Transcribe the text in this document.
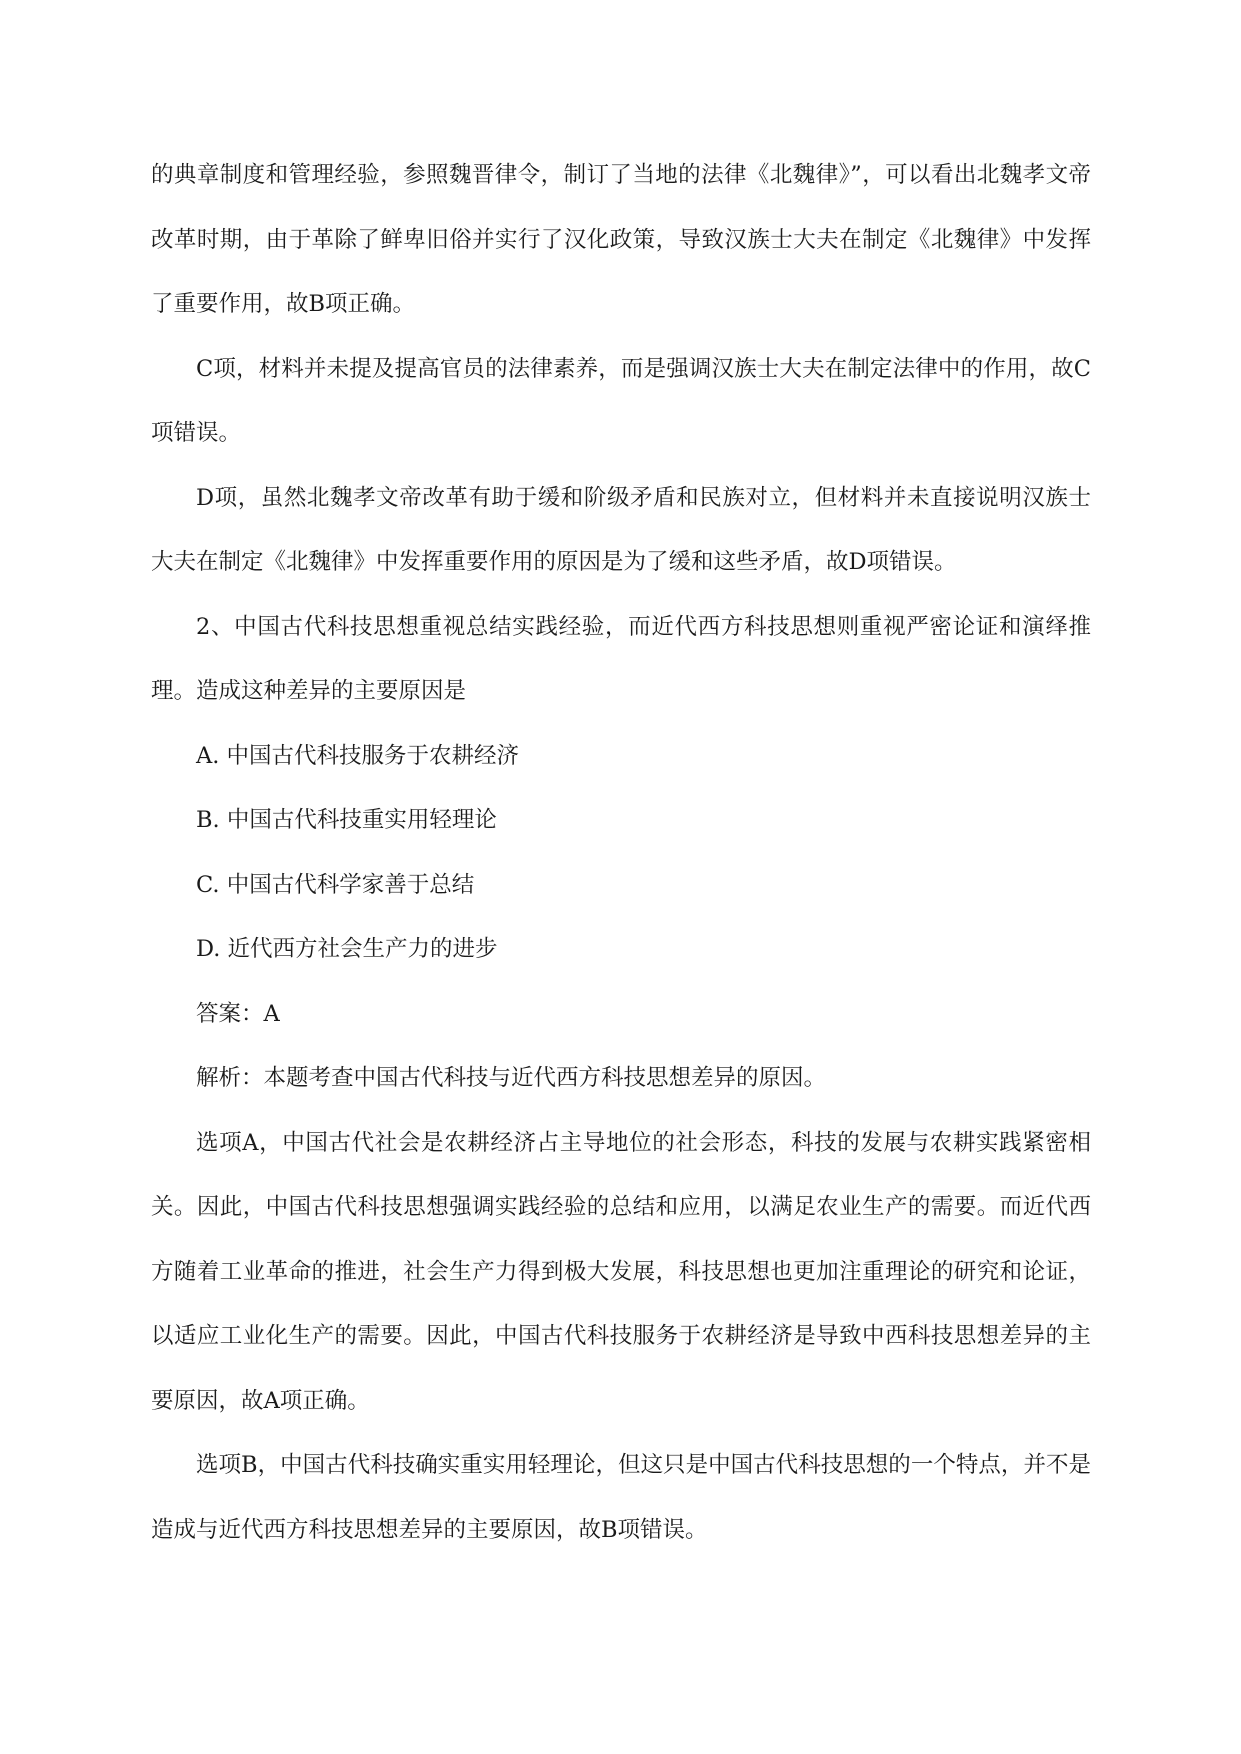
的典章制度和管理经验，参照魏晋律令，制订了当地的法律《北魏律》”，可以看出北魏孝文帝改革时期，由于革除了鲜卑旧俗并实行了汉化政策，导致汉族士大夫在制定《北魏律》中发挥了重要作用，故B项正确。

C项，材料并未提及提高官员的法律素养，而是强调汉族士大夫在制定法律中的作用，故C项错误。

D项，虽然北魏孝文帝改革有助于缓和阶级矛盾和民族对立，但材料并未直接说明汉族士大夫在制定《北魏律》中发挥重要作用的原因是为了缓和这些矛盾，故D项错误。

2、中国古代科技思想重视总结实践经验，而近代西方科技思想则重视严密论证和演绎推理。造成这种差异的主要原因是

A. 中国古代科技服务于农耕经济

B. 中国古代科技重实用轻理论

C. 中国古代科学家善于总结

D. 近代西方社会生产力的进步

答案：A

解析：本题考查中国古代科技与近代西方科技思想差异的原因。

选项A，中国古代社会是农耕经济占主导地位的社会形态，科技的发展与农耕实践紧密相关。因此，中国古代科技思想强调实践经验的总结和应用，以满足农业生产的需要。而近代西方随着工业革命的推进，社会生产力得到极大发展，科技思想也更加注重理论的研究和论证，以适应工业化生产的需要。因此，中国古代科技服务于农耕经济是导致中西科技思想差异的主要原因，故A项正确。

选项B，中国古代科技确实重实用轻理论，但这只是中国古代科技思想的一个特点，并不是造成与近代西方科技思想差异的主要原因，故B项错误。
